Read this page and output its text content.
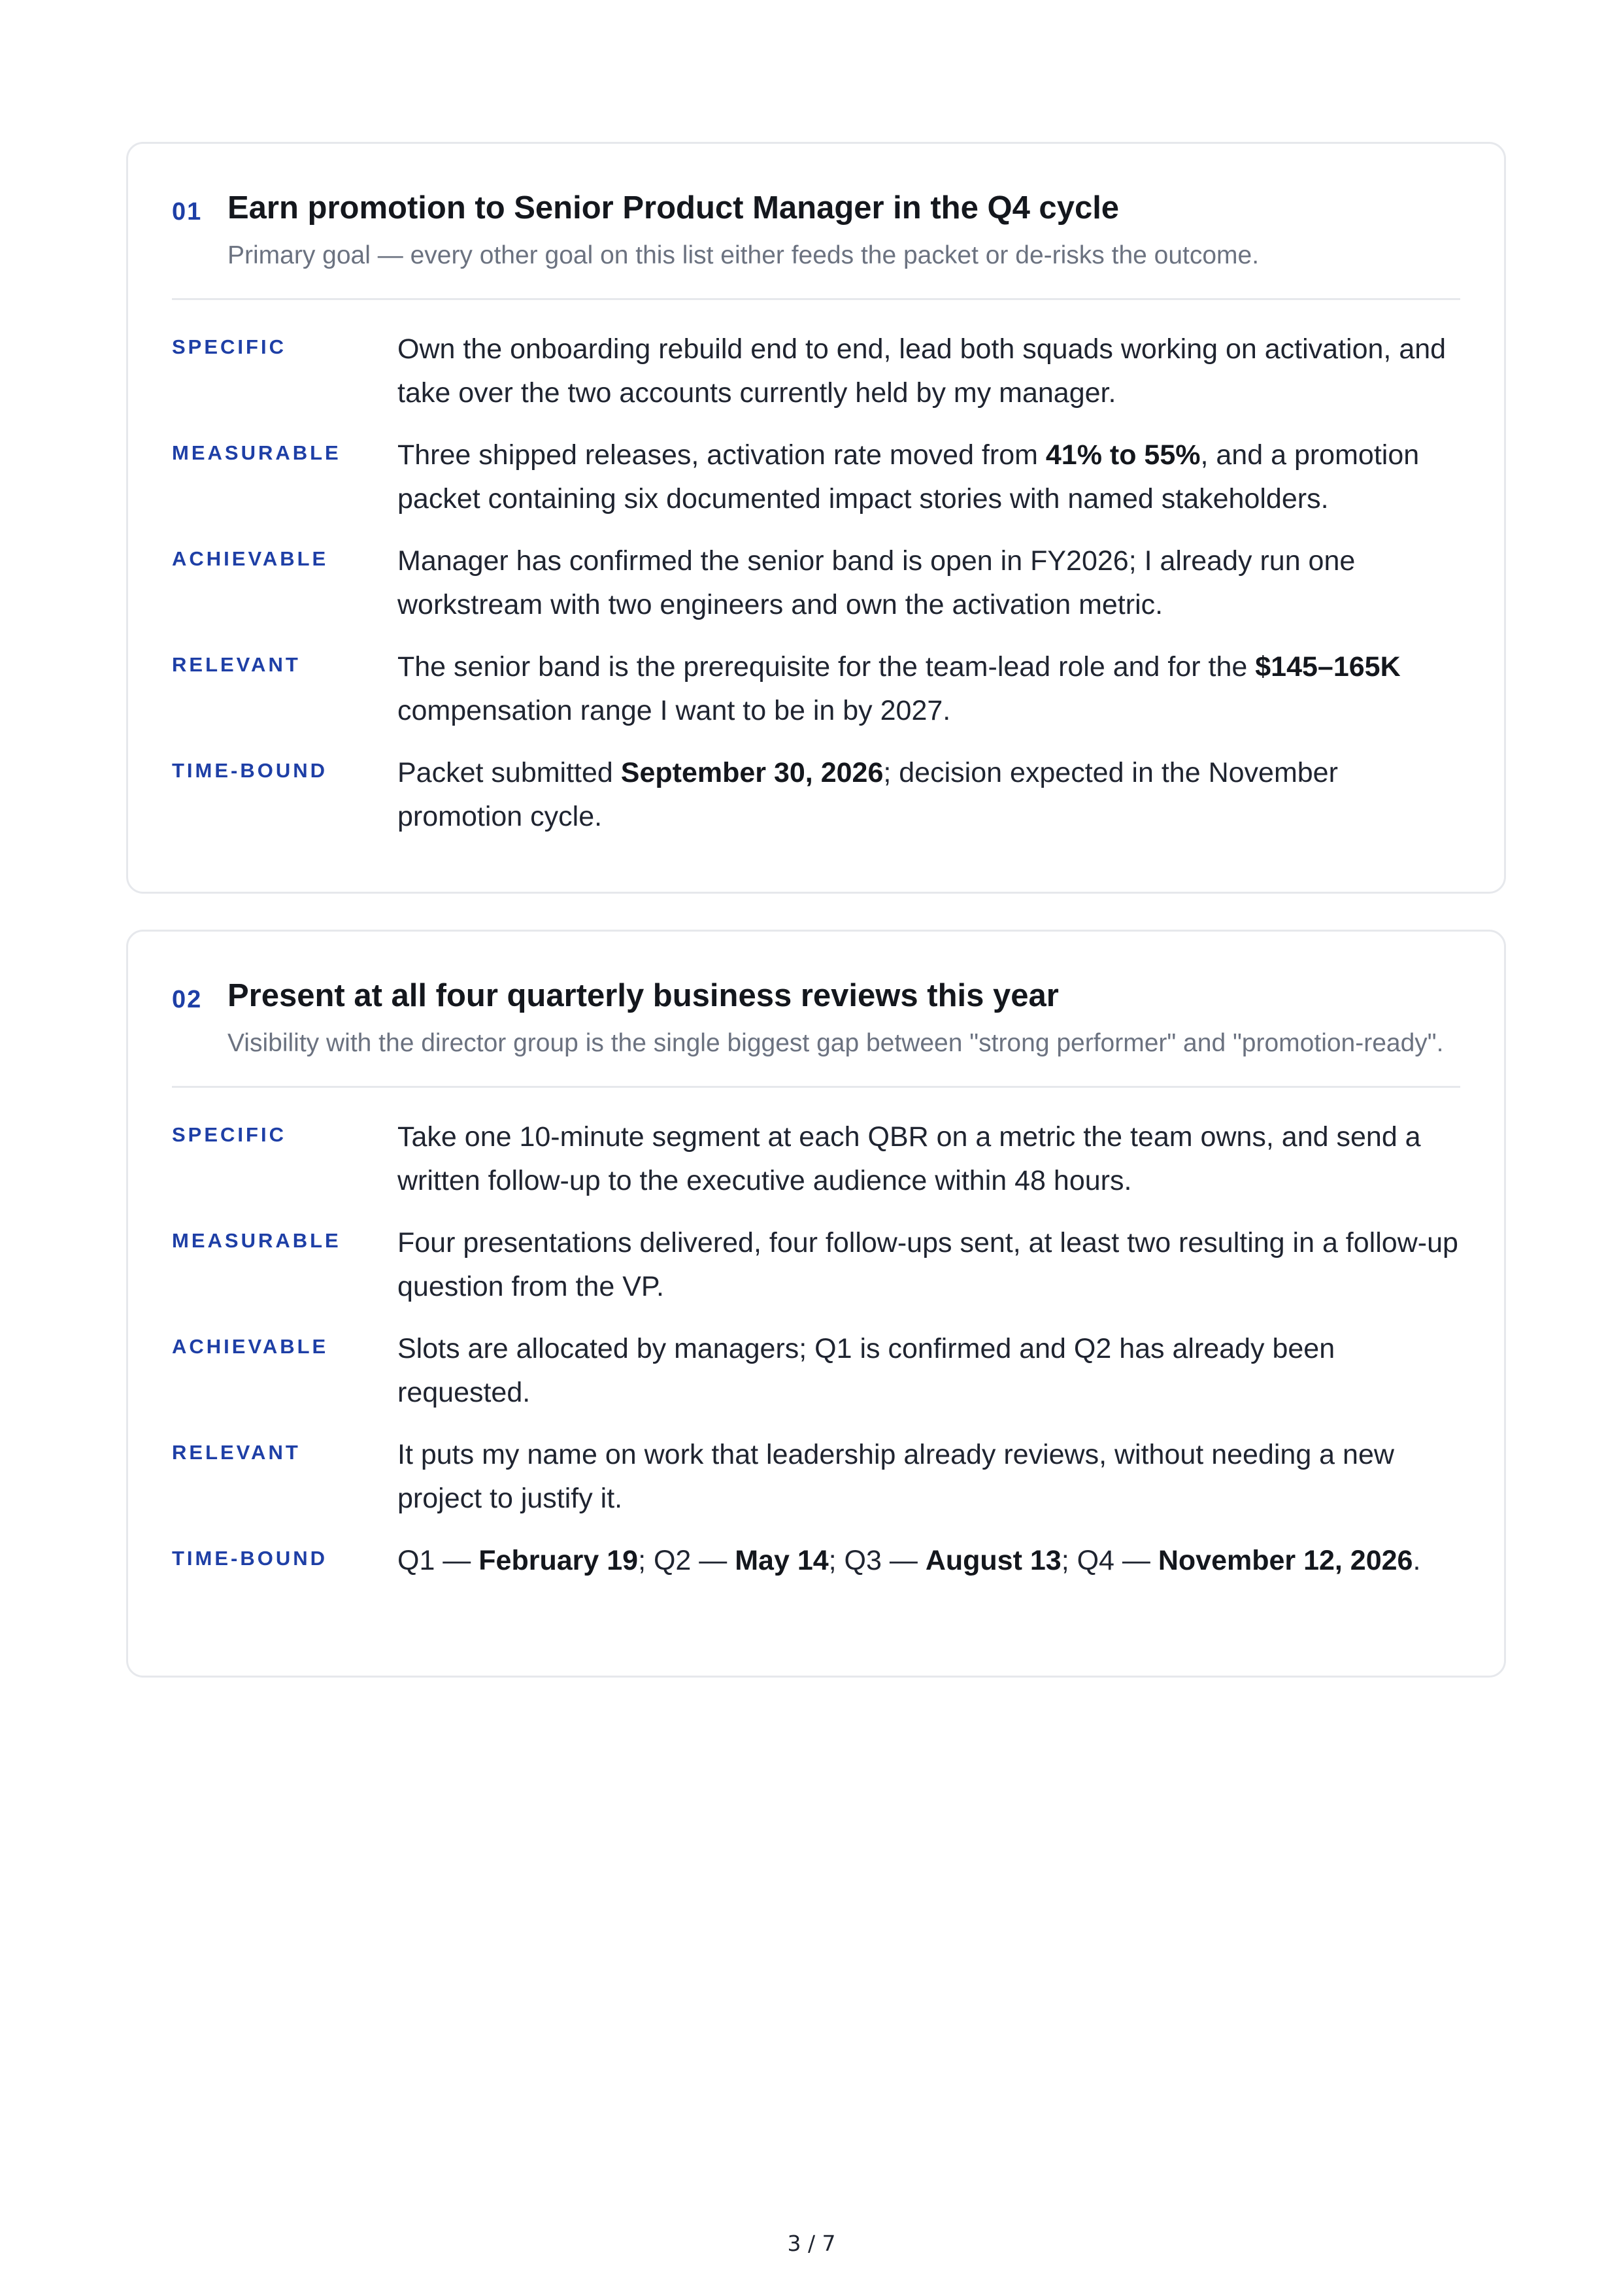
01 Earn promotion to Senior Product Manager in the Q4 cycle
Primary goal — every other goal on this list either feeds the packet or de-risks the outcome.
SPECIFIC	Own the onboarding rebuild end to end, lead both squads working on activation, and take over the two accounts currently held by my manager.
MEASURABLE	Three shipped releases, activation rate moved from 41% to 55%, and a promotion packet containing six documented impact stories with named stakeholders.
ACHIEVABLE	Manager has confirmed the senior band is open in FY2026; I already run one workstream with two engineers and own the activation metric.
RELEVANT	The senior band is the prerequisite for the team-lead role and for the $145–165K compensation range I want to be in by 2027.
TIME-BOUND	Packet submitted September 30, 2026; decision expected in the November promotion cycle.
02 Present at all four quarterly business reviews this year
Visibility with the director group is the single biggest gap between "strong performer" and "promotion-ready".
SPECIFIC	Take one 10-minute segment at each QBR on a metric the team owns, and send a written follow-up to the executive audience within 48 hours.
MEASURABLE	Four presentations delivered, four follow-ups sent, at least two resulting in a follow-up question from the VP.
ACHIEVABLE	Slots are allocated by managers; Q1 is confirmed and Q2 has already been requested.
RELEVANT	It puts my name on work that leadership already reviews, without needing a new project to justify it.
TIME-BOUND	Q1 — February 19; Q2 — May 14; Q3 — August 13; Q4 — November 12, 2026.
3 / 7
